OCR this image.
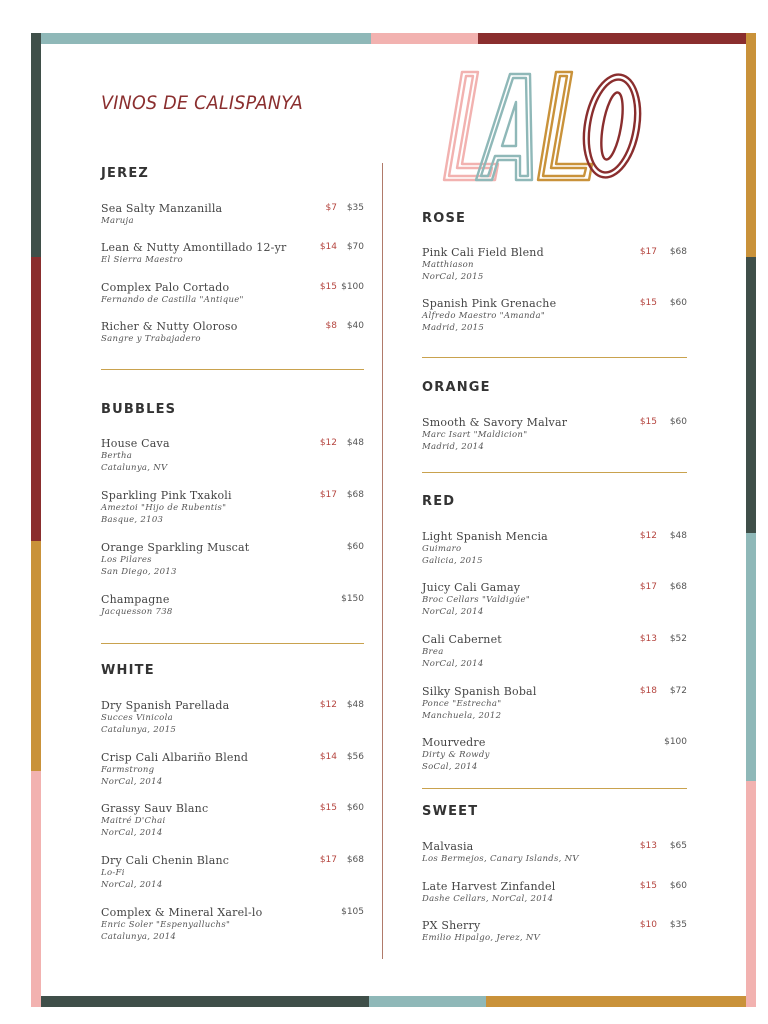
VINOS DE CALISPANYA
JEREZ
Sea Salty Manzanilla
Maruja
$7 $35
Lean & Nutty Amontillado 12-yr
El Sierra Maestro
$14 $70
Complex Palo Cortado
Fernando de Castilla "Antique"
$15 $100
Richer & Nutty Oloroso
Sangre y Trabajadero
$8 $40
BUBBLES
House Cava
Bertha
Catalunya, NV
$12 $48
Sparkling Pink Txakoli
Ameztoi "Hijo de Rubentis"
Basque, 2103
$17 $68
Orange Sparkling Muscat
Los Pilares
San Diego, 2013
$60
Champagne
Jacquesson 738
$150
WHITE
Dry Spanish Parellada
Succes Vinicola
Catalunya, 2015
$12 $48
Crisp Cali Albariño Blend
Farmstrong
NorCal, 2014
$14 $56
Grassy Sauv Blanc
Maitré D'Chai
NorCal, 2014
$15 $60
Dry Cali Chenin Blanc
Lo-Fi
NorCal, 2014
$17 $68
Complex & Mineral Xarel-lo
Enric Soler "Espenyalluchs"
Catalunya, 2014
$105
ROSE
Pink Cali Field Blend
Matthiason
NorCal, 2015
$17 $68
Spanish Pink Grenache
Alfredo Maestro "Amanda"
Madrid, 2015
$15 $60
ORANGE
Smooth & Savory Malvar
Marc Isart "Maldicion"
Madrid, 2014
$15 $60
RED
Light Spanish Mencia
Guimaro
Galicia, 2015
$12 $48
Juicy Cali Gamay
Broc Cellars "Valdigúe"
NorCal, 2014
$17 $68
Cali Cabernet
Brea
NorCal, 2014
$13 $52
Silky Spanish Bobal
Ponce "Estrecha"
Manchuela, 2012
$18 $72
Mourvedre
Dirty & Rowdy
SoCal, 2014
$100
SWEET
Malvasia
Los Bermejos, Canary Islands, NV
$13 $65
Late Harvest Zinfandel
Dashe Cellars, NorCal, 2014
$15 $60
PX Sherry
Emilio Hipalgo, Jerez, NV
$10 $35
